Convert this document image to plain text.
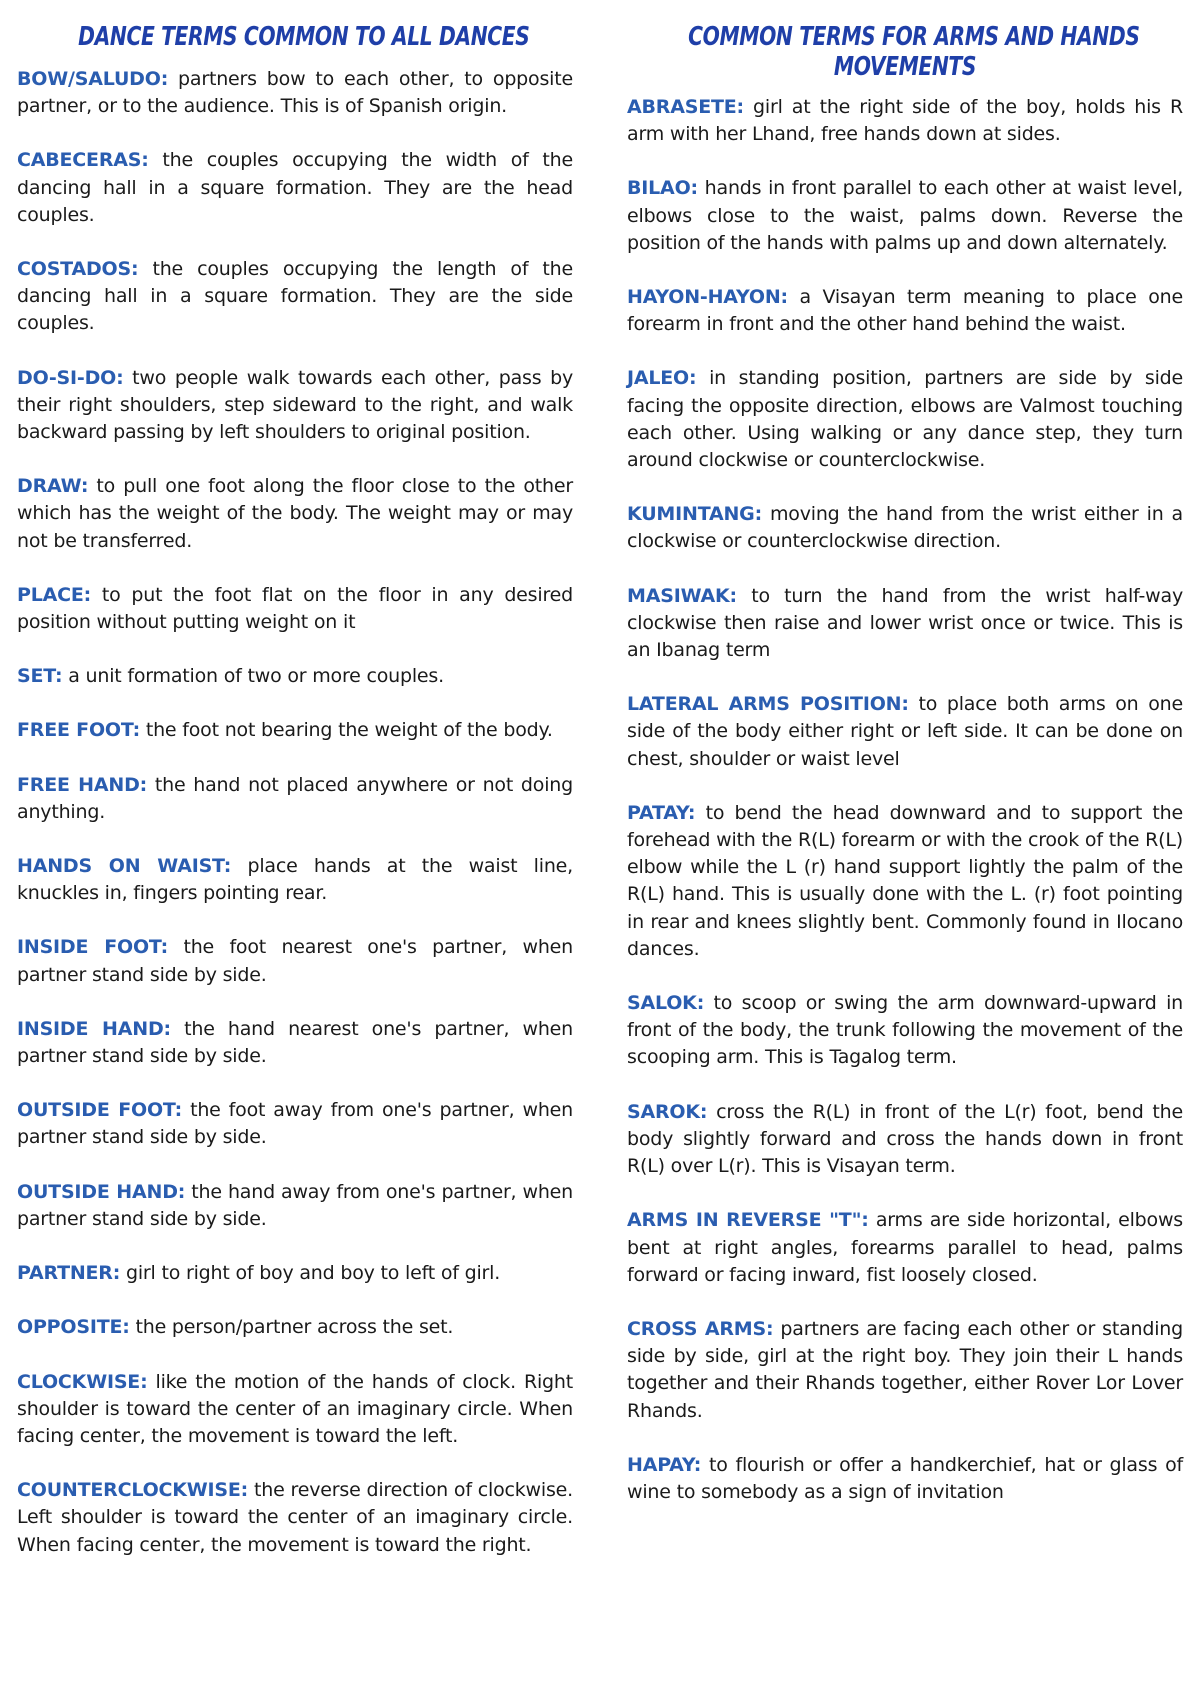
DANCE TERMS COMMON TO ALL DANCES

BOW/SALUDO: partners bow to each other, to opposite partner, or to the audience. This is of Spanish origin.

CABECERAS: the couples occupying the width of the dancing hall in a square formation. They are the head couples.

COSTADOS: the couples occupying the length of the dancing hall in a square formation. They are the side couples.

DO-SI-DO: two people walk towards each other, pass by their right shoulders, step sideward to the right, and walk backward passing by left shoulders to original position.

DRAW: to pull one foot along the floor close to the other which has the weight of the body. The weight may or may not be transferred.

PLACE: to put the foot flat on the floor in any desired position without putting weight on it

SET: a unit formation of two or more couples.

FREE FOOT: the foot not bearing the weight of the body.

FREE HAND: the hand not placed anywhere or not doing anything.

HANDS ON WAIST: place hands at the waist line, knuckles in, fingers pointing rear.

INSIDE FOOT: the foot nearest one's partner, when partner stand side by side.

INSIDE HAND: the hand nearest one's partner, when partner stand side by side.

OUTSIDE FOOT: the foot away from one's partner, when partner stand side by side.

OUTSIDE HAND: the hand away from one's partner, when partner stand side by side.

PARTNER: girl to right of boy and boy to left of girl.

OPPOSITE: the person/partner across the set.

CLOCKWISE: like the motion of the hands of clock. Right shoulder is toward the center of an imaginary circle. When facing center, the movement is toward the left.

COUNTERCLOCKWISE: the reverse direction of clockwise. Left shoulder is toward the center of an imaginary circle. When facing center, the movement is toward the right.

COMMON TERMS FOR ARMS AND HANDS
MOVEMENTS

ABRASETE: girl at the right side of the boy, holds his R arm with her Lhand, free hands down at sides.

BILAO: hands in front parallel to each other at waist level, elbows close to the waist, palms down. Reverse the position of the hands with palms up and down alternately.

HAYON-HAYON: a Visayan term meaning to place one forearm in front and the other hand behind the waist.

JALEO: in standing position, partners are side by side facing the opposite direction, elbows are Valmost touching each other. Using walking or any dance step, they turn around clockwise or counterclockwise.

KUMINTANG: moving the hand from the wrist either in a clockwise or counterclockwise direction.

MASIWAK: to turn the hand from the wrist half-way clockwise then raise and lower wrist once or twice. This is an Ibanag term

LATERAL ARMS POSITION: to place both arms on one side of the body either right or left side. It can be done on chest, shoulder or waist level

PATAY: to bend the head downward and to support the forehead with the R(L) forearm or with the crook of the R(L) elbow while the L (r) hand support lightly the palm of the R(L) hand. This is usually done with the L. (r) foot pointing in rear and knees slightly bent. Commonly found in Ilocano dances.

SALOK: to scoop or swing the arm downward-upward in front of the body, the trunk following the movement of the scooping arm. This is Tagalog term.

SAROK: cross the R(L) in front of the L(r) foot, bend the body slightly forward and cross the hands down in front R(L) over L(r). This is Visayan term.

ARMS IN REVERSE "T": arms are side horizontal, elbows bent at right angles, forearms parallel to head, palms forward or facing inward, fist loosely closed.

CROSS ARMS: partners are facing each other or standing side by side, girl at the right boy. They join their L hands together and their Rhands together, either Rover Lor Lover Rhands.

HAPAY: to flourish or offer a handkerchief, hat or glass of wine to somebody as a sign of invitation
